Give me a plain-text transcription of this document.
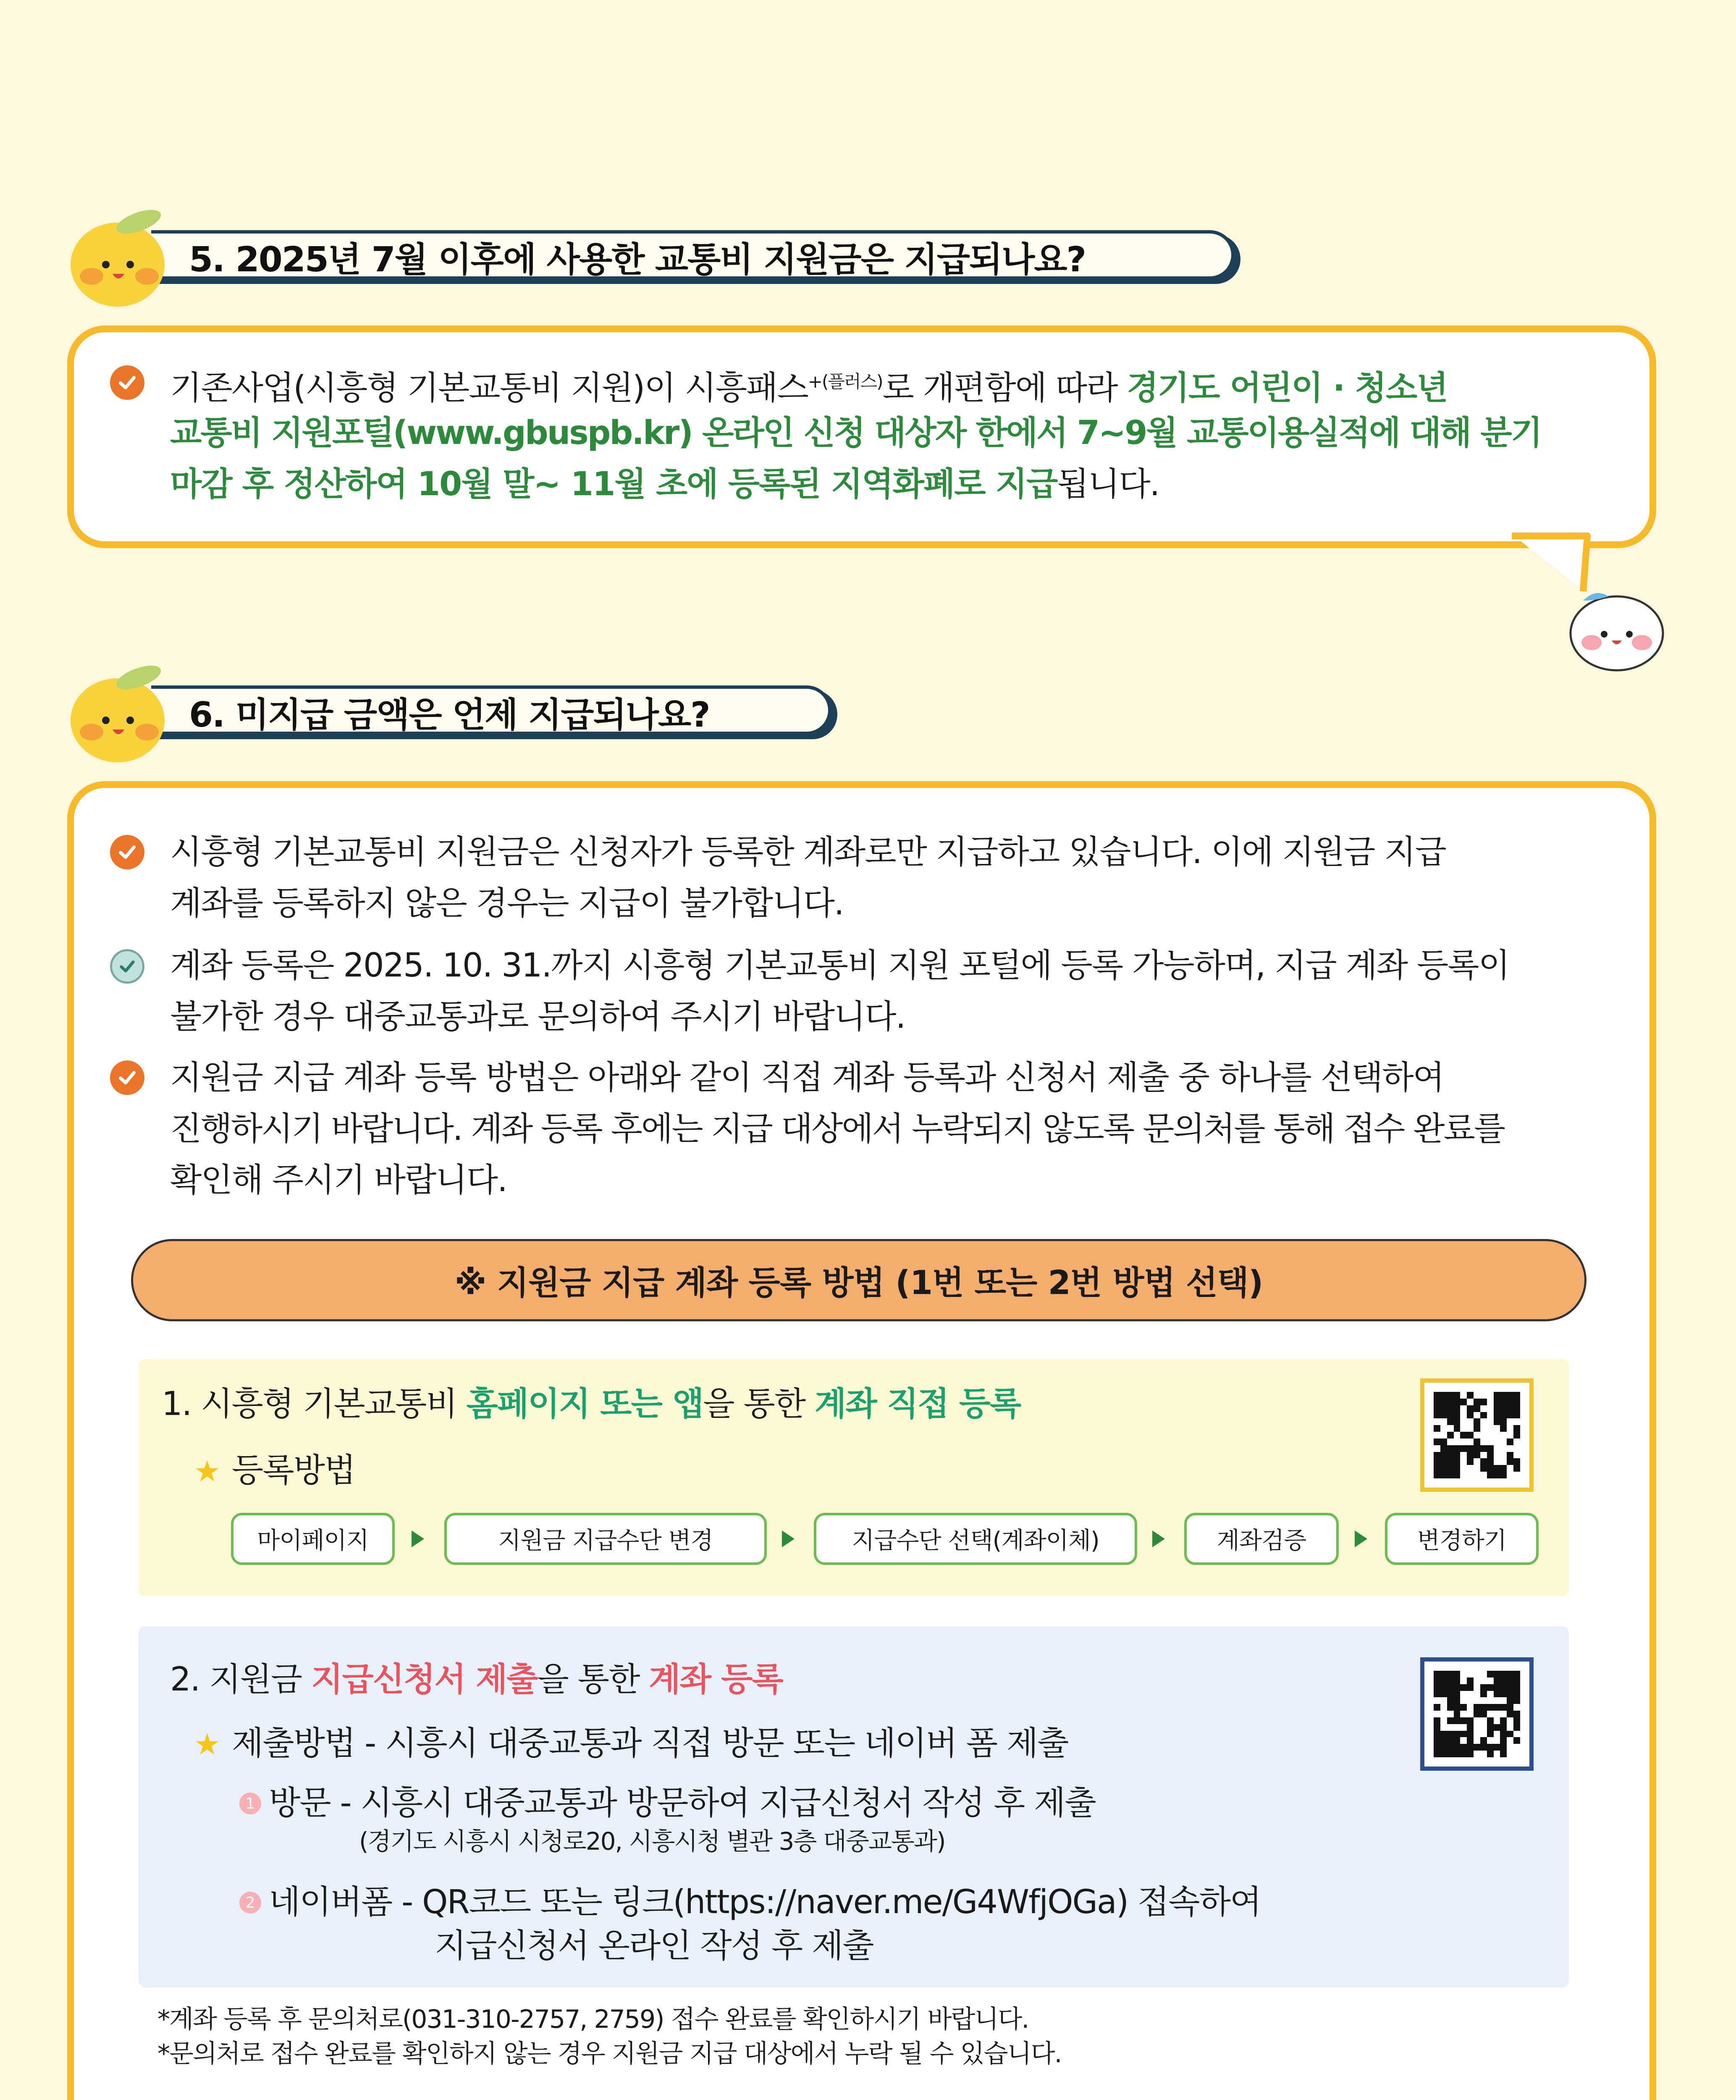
5. 2025년 7월 이후에 사용한 교통비 지원금은 지급되나요?
기존사업(시흥형 기본교통비 지원)이 시흥패스$^{+(플러스)}$로 개편함에 따라 경기도 어린이 · 청소년
교통비 지원포털(www.gbuspb.kr) 온라인 신청 대상자 한에서 7~9월 교통이용실적에 대해 분기
마감 후 정산하여 10월 말~ 11월 초에 등록된 지역화폐로 지급됩니다.
6. 미지급 금액은 언제 지급되나요?
시흥형 기본교통비 지원금은 신청자가 등록한 계좌로만 지급하고 있습니다. 이에 지원금 지급
계좌를 등록하지 않은 경우는 지급이 불가합니다.
계좌 등록은 2025. 10. 31.까지 시흥형 기본교통비 지원 포털에 등록 가능하며, 지급 계좌 등록이
불가한 경우 대중교통과로 문의하여 주시기 바랍니다.
지원금 지급 계좌 등록 방법은 아래와 같이 직접 계좌 등록과 신청서 제출 중 하나를 선택하여
진행하시기 바랍니다. 계좌 등록 후에는 지급 대상에서 누락되지 않도록 문의처를 통해 접수 완료를
확인해 주시기 바랍니다.
※ 지원금 지급 계좌 등록 방법 (1번 또는 2번 방법 선택)
1. 시흥형 기본교통비 홈페이지 또는 앱을 통한 계좌 직접 등록
★ 등록방법
마이페이지	지원금 지급수단 변경	지급수단 선택(계좌이체)	계좌검증	변경하기
2. 지원금 지급신청서 제출을 통한 계좌 등록
★ 제출방법 - 시흥시 대중교통과 직접 방문 또는 네이버 폼 제출
1 방문 - 시흥시 대중교통과 방문하여 지급신청서 작성 후 제출
(경기도 시흥시 시청로20, 시흥시청 별관 3층 대중교통과)
2 네이버폼 - QR코드 또는 링크(https://naver.me/G4WfjOGa) 접속하여
지급신청서 온라인 작성 후 제출
*계좌 등록 후 문의처로(031-310-2757, 2759) 접수 완료를 확인하시기 바랍니다.
*문의처로 접수 완료를 확인하지 않는 경우 지원금 지급 대상에서 누락 될 수 있습니다.
